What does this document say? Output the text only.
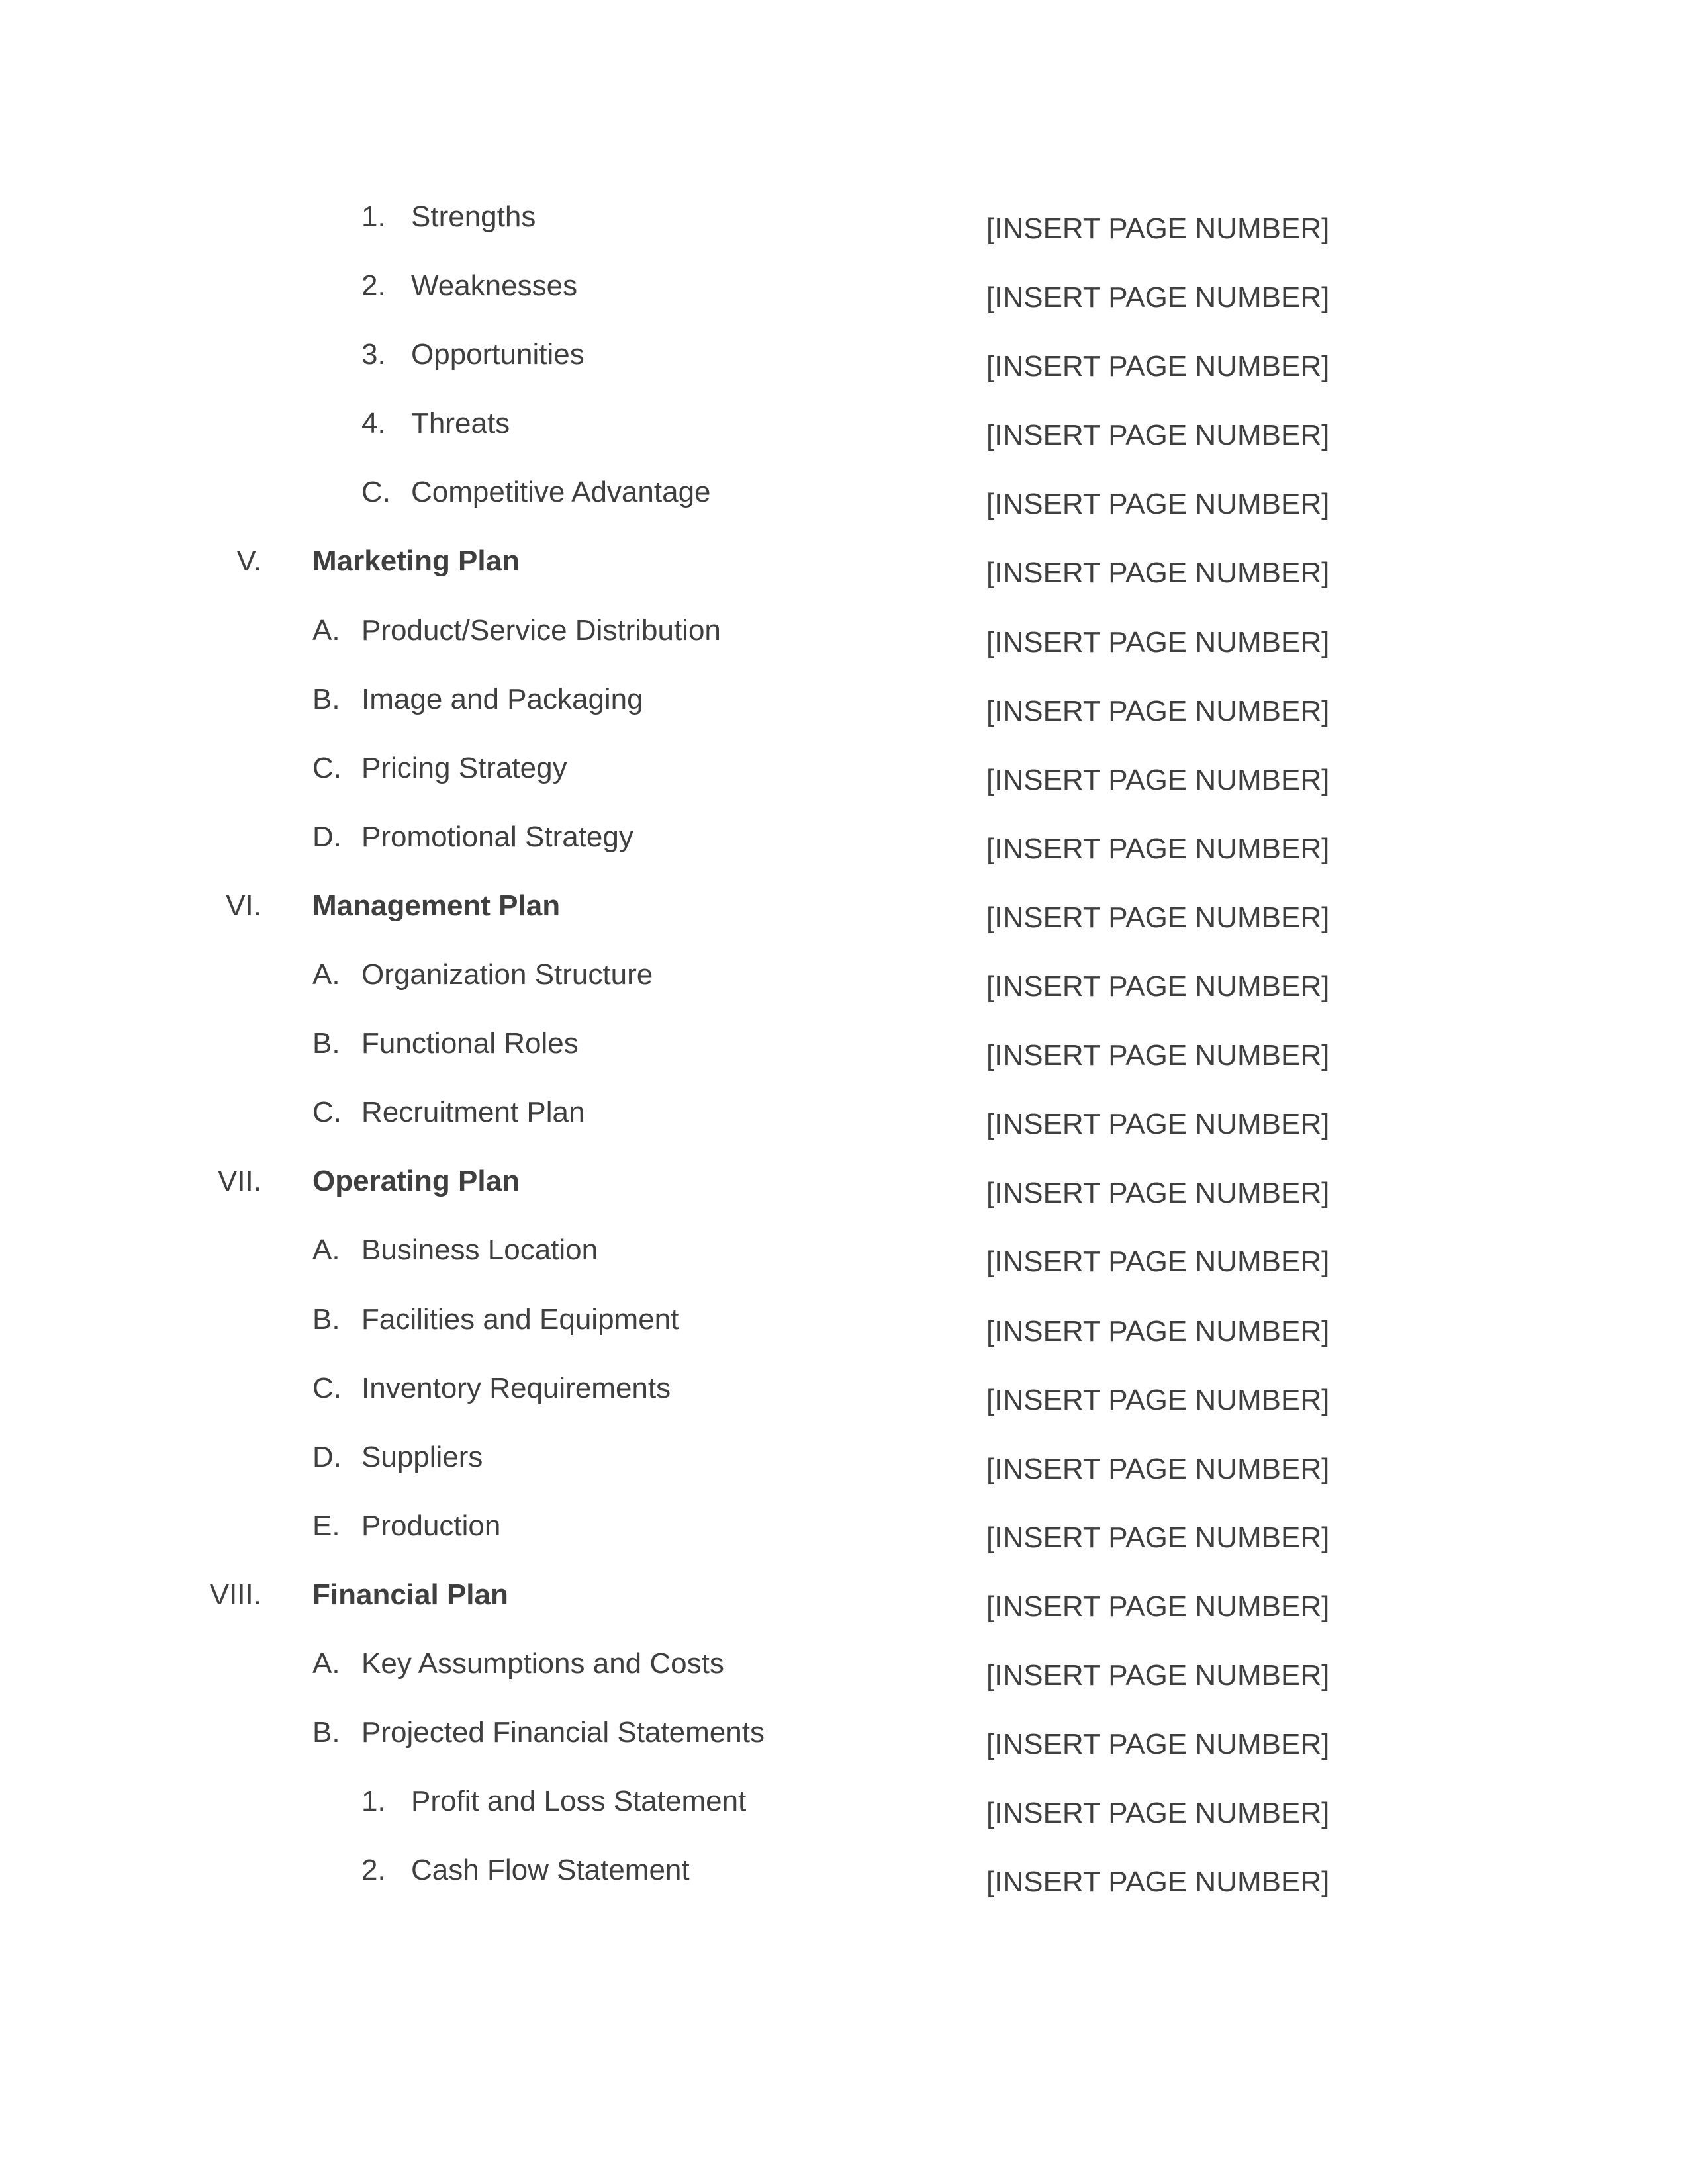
1. Strengths	[INSERT PAGE NUMBER]
2. Weaknesses	[INSERT PAGE NUMBER]
3. Opportunities	[INSERT PAGE NUMBER]
4. Threats	[INSERT PAGE NUMBER]
C. Competitive Advantage	[INSERT PAGE NUMBER]
V. Marketing Plan	[INSERT PAGE NUMBER]
A. Product/Service Distribution	[INSERT PAGE NUMBER]
B. Image and Packaging	[INSERT PAGE NUMBER]
C. Pricing Strategy	[INSERT PAGE NUMBER]
D. Promotional Strategy	[INSERT PAGE NUMBER]
VI. Management Plan	[INSERT PAGE NUMBER]
A. Organization Structure	[INSERT PAGE NUMBER]
B. Functional Roles	[INSERT PAGE NUMBER]
C. Recruitment Plan	[INSERT PAGE NUMBER]
VII. Operating Plan	[INSERT PAGE NUMBER]
A. Business Location	[INSERT PAGE NUMBER]
B. Facilities and Equipment	[INSERT PAGE NUMBER]
C. Inventory Requirements	[INSERT PAGE NUMBER]
D. Suppliers	[INSERT PAGE NUMBER]
E. Production	[INSERT PAGE NUMBER]
VIII. Financial Plan	[INSERT PAGE NUMBER]
A. Key Assumptions and Costs	[INSERT PAGE NUMBER]
B. Projected Financial Statements	[INSERT PAGE NUMBER]
1. Profit and Loss Statement	[INSERT PAGE NUMBER]
2. Cash Flow Statement	[INSERT PAGE NUMBER]
